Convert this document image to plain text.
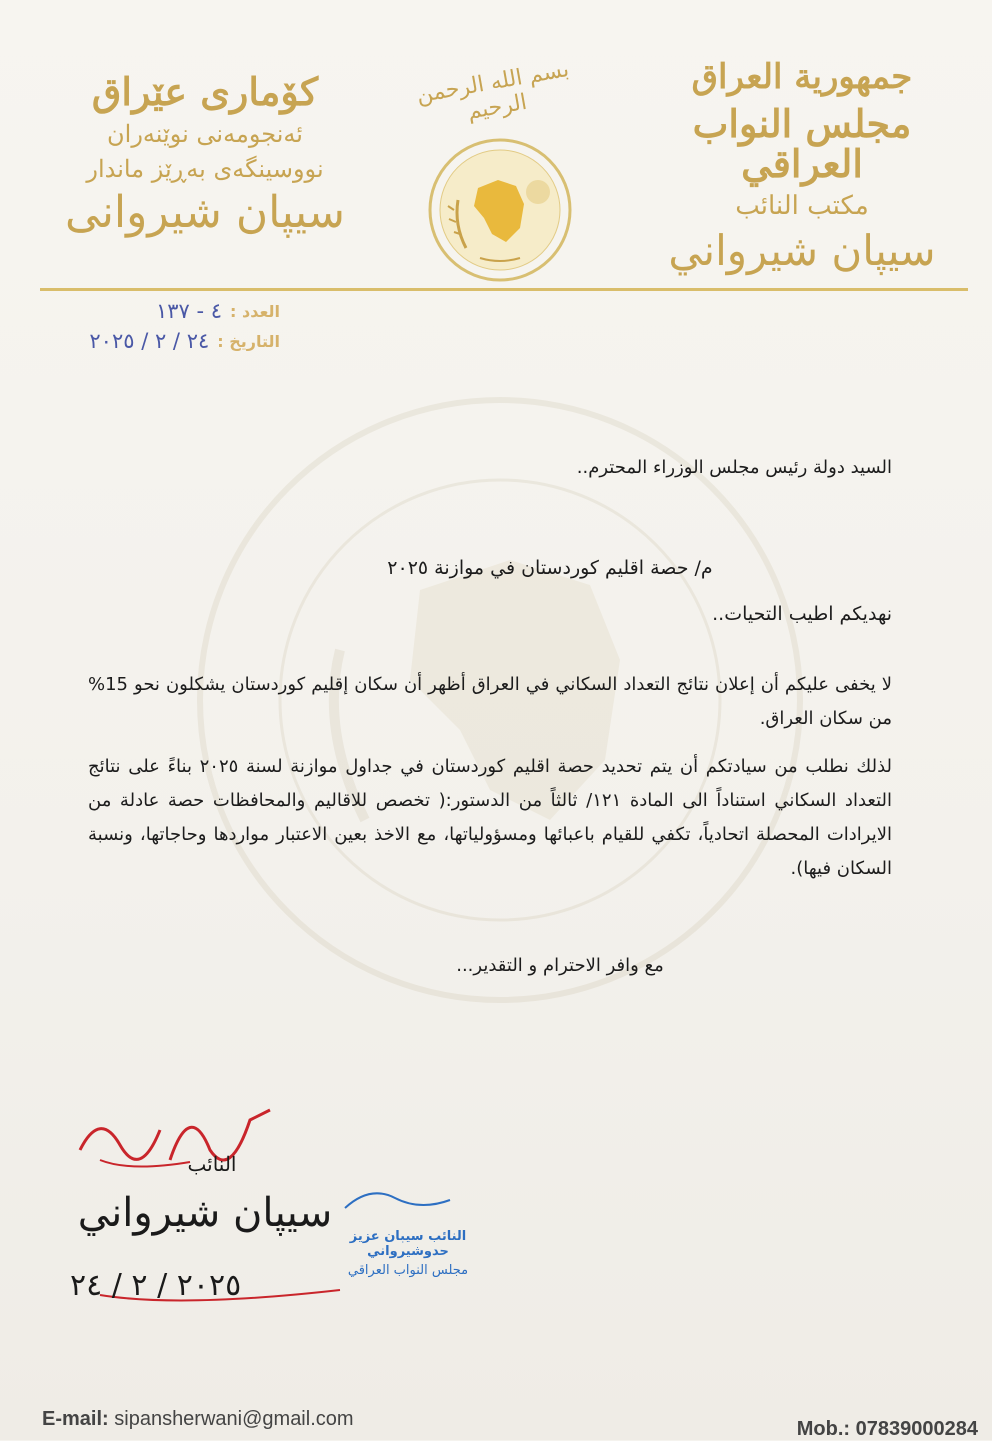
جمهورية العراق
مجلس النواب العراقي
مكتب النائب
سيپان شيرواني
بسم الله الرحمن الرحيم
كۆماری عێراق
ئەنجومەنی نوێنەران
نووسینگەی بەڕێز ماندار
سیپان شیروانی
العدد :
٤ - ١٣٧
التاريخ :
٢٤ / ٢ / ٢٠٢٥
السيد دولة رئيس مجلس الوزراء المحترم..
م/ حصة اقليم كوردستان في موازنة ٢٠٢٥
نهديكم اطيب التحيات..
لا يخفى عليكم أن إعلان نتائج التعداد السكاني في العراق أظهر أن سكان إقليم كوردستان يشكلون نحو 15% من سكان العراق.
لذلك نطلب من سيادتكم أن يتم تحديد حصة اقليم كوردستان في جداول موازنة لسنة ٢٠٢٥ بناءً على نتائج التعداد السكاني استناداً الى المادة ١٢١/ ثالثاً من الدستور:( تخصص للاقاليم والمحافظات حصة عادلة من الايرادات المحصلة اتحادياً، تكفي للقيام باعبائها ومسؤولياتها، مع الاخذ بعين الاعتبار مواردها وحاجاتها، ونسبة السكان فيها).
مع وافر الاحترام و التقدير...
النائب
سيپان شيرواني
٢٠٢٥ / ٢ / ٢٤
النائب سيبان عزيز حدوشيرواني
مجلس النواب العراقي
E-mail: sipansherwani@gmail.com	Mob.: 07839000284
